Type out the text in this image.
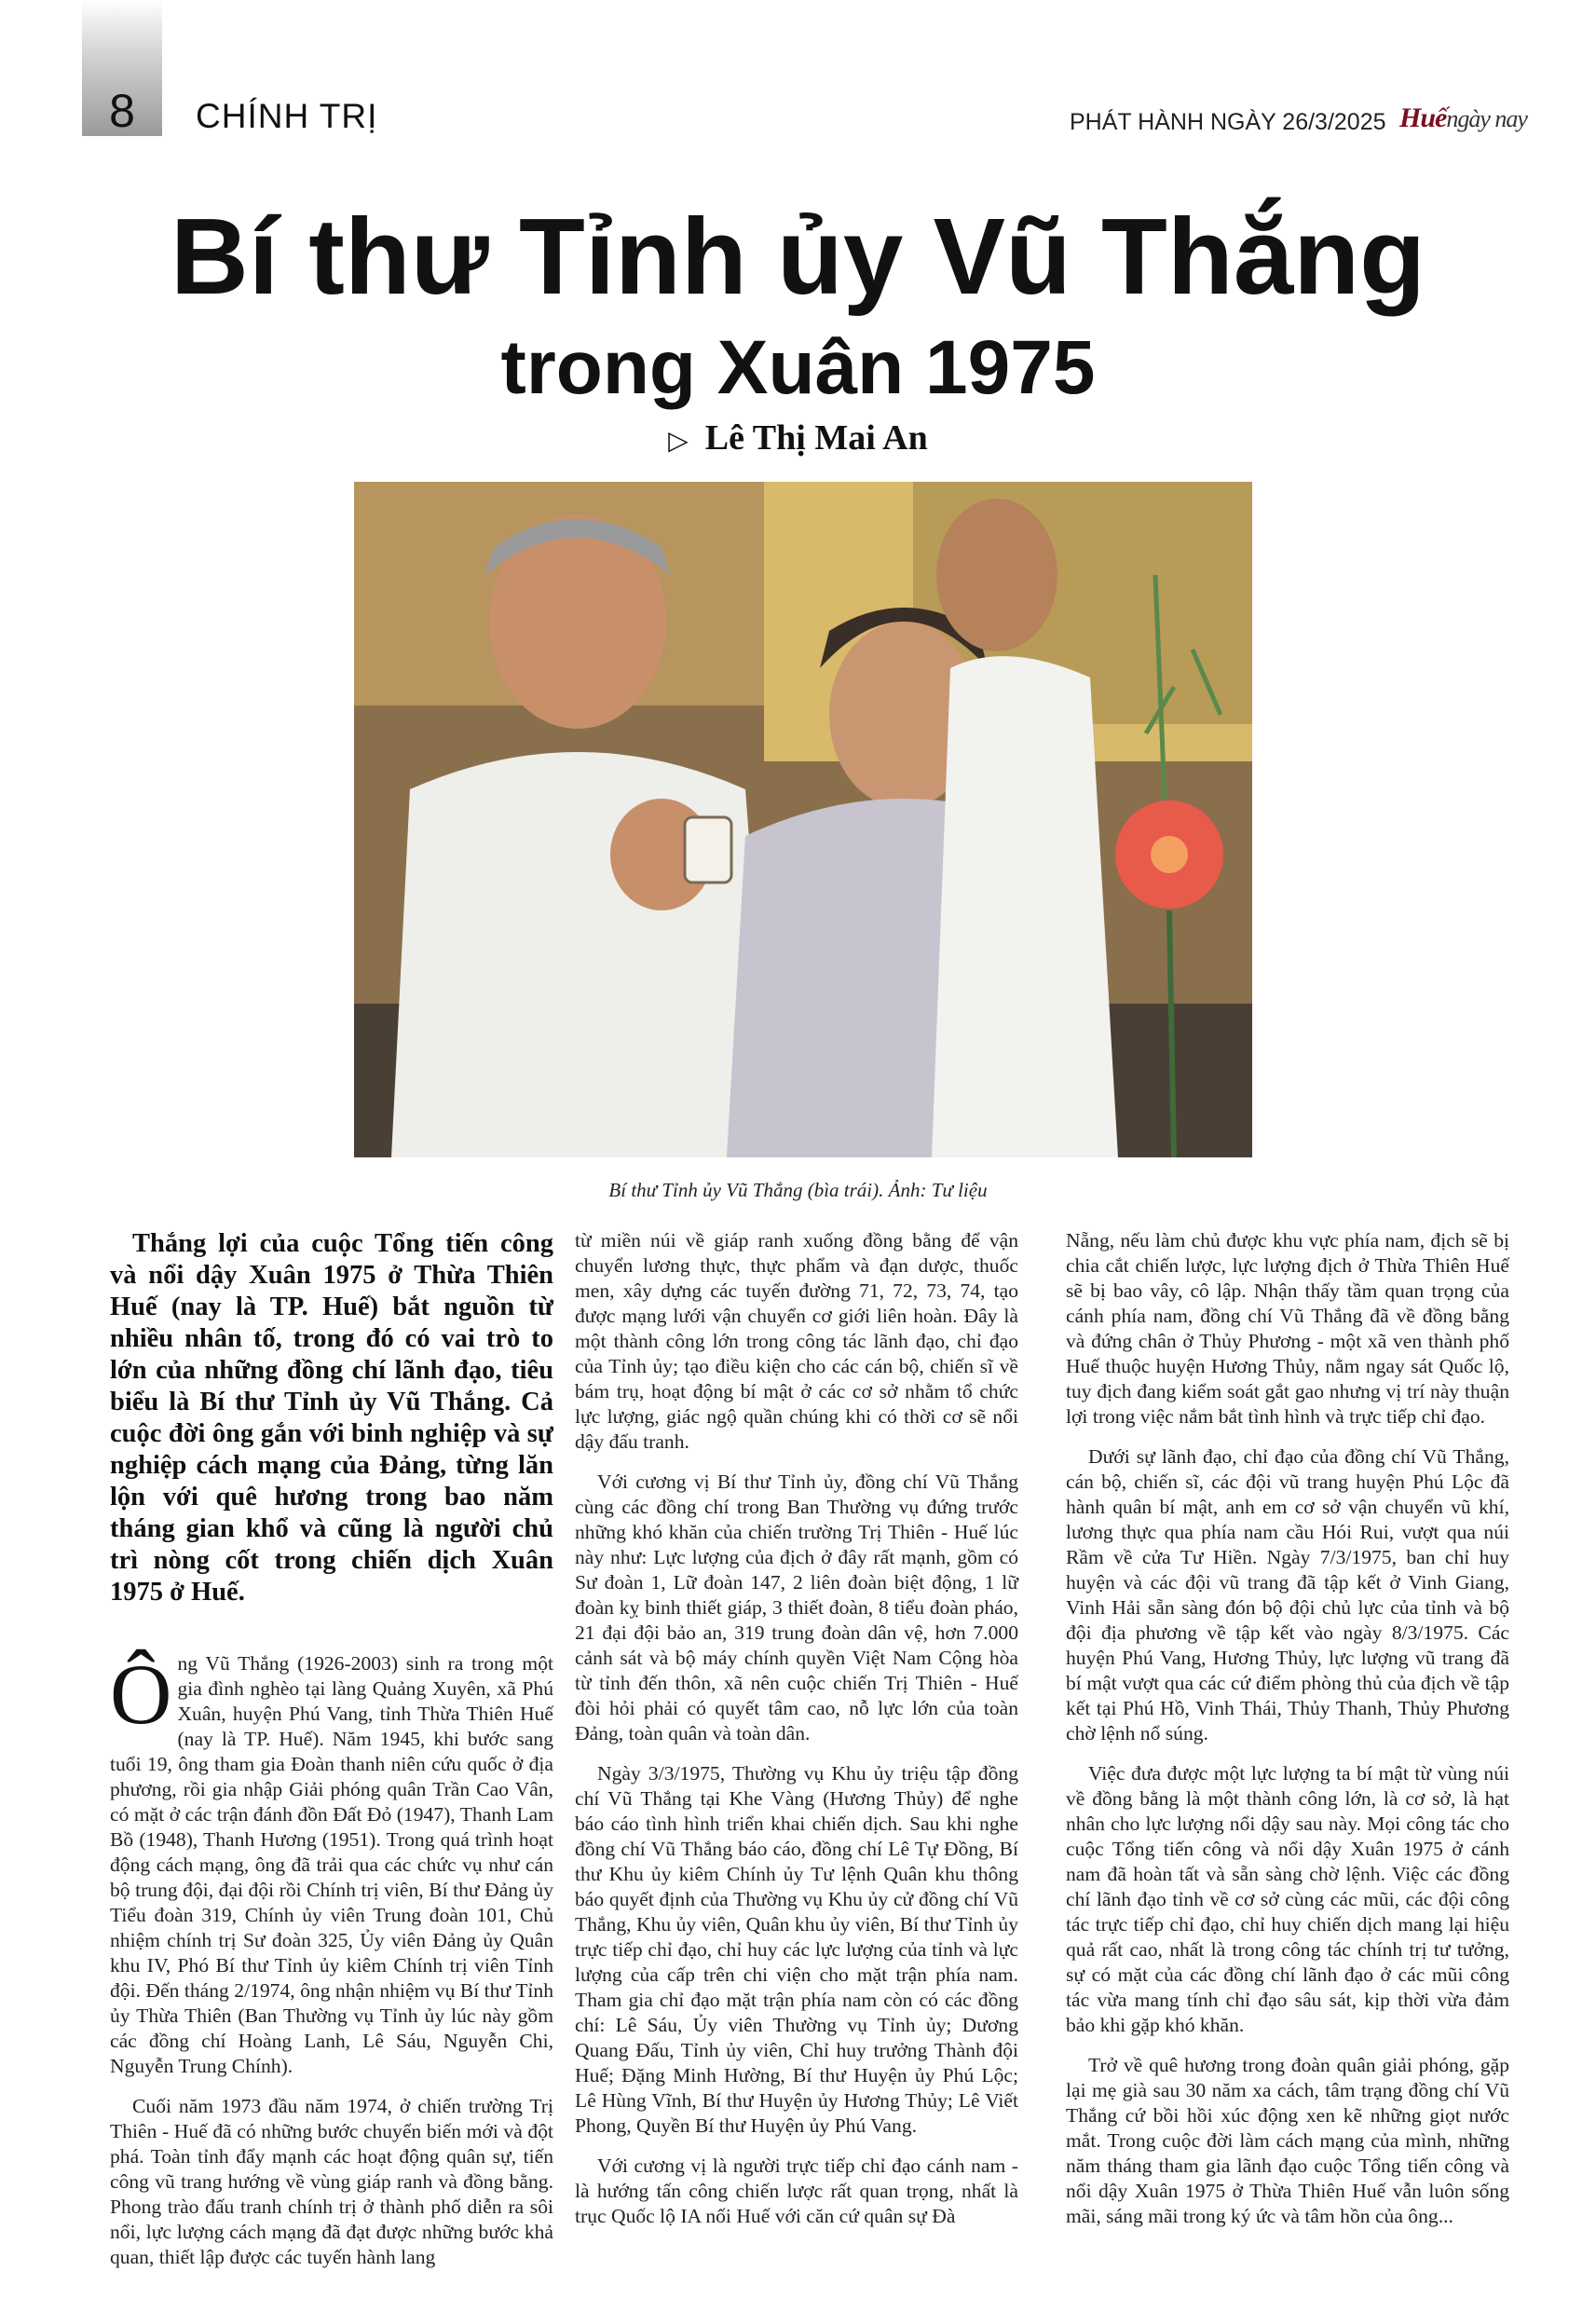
8	CHÍNH TRỊ	PHÁT HÀNH NGÀY 26/3/2025 Huếngày nay
Bí thư Tỉnh ủy Vũ Thắng
trong Xuân 1975
▷ Lê Thị Mai An
Bí thư Tỉnh ủy Vũ Thắng (bìa trái). Ảnh: Tư liệu

Thắng lợi của cuộc Tổng tiến công và nổi dậy Xuân 1975 ở Thừa Thiên Huế (nay là TP. Huế) bắt nguồn từ nhiều nhân tố, trong đó có vai trò to lớn của những đồng chí lãnh đạo, tiêu biểu là Bí thư Tỉnh ủy Vũ Thắng. Cả cuộc đời ông gắn với binh nghiệp và sự nghiệp cách mạng của Đảng, từng lăn lộn với quê hương trong bao năm tháng gian khổ và cũng là người chủ trì nòng cốt trong chiến dịch Xuân 1975 ở Huế.

Ông Vũ Thắng (1926-2003) sinh ra trong một gia đình nghèo tại làng Quảng Xuyên, xã Phú Xuân, huyện Phú Vang, tỉnh Thừa Thiên Huế (nay là TP. Huế). Năm 1945, khi bước sang tuổi 19, ông tham gia Đoàn thanh niên cứu quốc ở địa phương, rồi gia nhập Giải phóng quân Trần Cao Vân, có mặt ở các trận đánh đồn Đất Đỏ (1947), Thanh Lam Bồ (1948), Thanh Hương (1951). Trong quá trình hoạt động cách mạng, ông đã trải qua các chức vụ như cán bộ trung đội, đại đội rồi Chính trị viên, Bí thư Đảng ủy Tiểu đoàn 319, Chính ủy viên Trung đoàn 101, Chủ nhiệm chính trị Sư đoàn 325, Ủy viên Đảng ủy Quân khu IV, Phó Bí thư Tỉnh ủy kiêm Chính trị viên Tỉnh đội. Đến tháng 2/1974, ông nhận nhiệm vụ Bí thư Tỉnh ủy Thừa Thiên (Ban Thường vụ Tỉnh ủy lúc này gồm các đồng chí Hoàng Lanh, Lê Sáu, Nguyễn Chi, Nguyễn Trung Chính).

Cuối năm 1973 đầu năm 1974, ở chiến trường Trị Thiên - Huế đã có những bước chuyển biến mới và đột phá. Toàn tỉnh đẩy mạnh các hoạt động quân sự, tiến công vũ trang hướng về vùng giáp ranh và đồng bằng. Phong trào đấu tranh chính trị ở thành phố diễn ra sôi nổi, lực lượng cách mạng đã đạt được những bước khả quan, thiết lập được các tuyến hành lang

từ miền núi về giáp ranh xuống đồng bằng để vận chuyển lương thực, thực phẩm và đạn dược, thuốc men, xây dựng các tuyến đường 71, 72, 73, 74, tạo được mạng lưới vận chuyển cơ giới liên hoàn. Đây là một thành công lớn trong công tác lãnh đạo, chỉ đạo của Tỉnh ủy; tạo điều kiện cho các cán bộ, chiến sĩ về bám trụ, hoạt động bí mật ở các cơ sở nhằm tổ chức lực lượng, giác ngộ quần chúng khi có thời cơ sẽ nổi dậy đấu tranh.

Với cương vị Bí thư Tỉnh ủy, đồng chí Vũ Thắng cùng các đồng chí trong Ban Thường vụ đứng trước những khó khăn của chiến trường Trị Thiên - Huế lúc này như: Lực lượng của địch ở đây rất mạnh, gồm có Sư đoàn 1, Lữ đoàn 147, 2 liên đoàn biệt động, 1 lữ đoàn kỵ binh thiết giáp, 3 thiết đoàn, 8 tiểu đoàn pháo, 21 đại đội bảo an, 319 trung đoàn dân vệ, hơn 7.000 cảnh sát và bộ máy chính quyền Việt Nam Cộng hòa từ tỉnh đến thôn, xã nên cuộc chiến Trị Thiên - Huế đòi hỏi phải có quyết tâm cao, nỗ lực lớn của toàn Đảng, toàn quân và toàn dân.

Ngày 3/3/1975, Thường vụ Khu ủy triệu tập đồng chí Vũ Thắng tại Khe Vàng (Hương Thủy) để nghe báo cáo tình hình triển khai chiến dịch. Sau khi nghe đồng chí Vũ Thắng báo cáo, đồng chí Lê Tự Đồng, Bí thư Khu ủy kiêm Chính ủy Tư lệnh Quân khu thông báo quyết định của Thường vụ Khu ủy cử đồng chí Vũ Thắng, Khu ủy viên, Quân khu ủy viên, Bí thư Tỉnh ủy trực tiếp chỉ đạo, chỉ huy các lực lượng của tỉnh và lực lượng của cấp trên chi viện cho mặt trận phía nam. Tham gia chỉ đạo mặt trận phía nam còn có các đồng chí: Lê Sáu, Ủy viên Thường vụ Tỉnh ủy; Dương Quang Đấu, Tỉnh ủy viên, Chỉ huy trưởng Thành đội Huế; Đặng Minh Hường, Bí thư Huyện ủy Phú Lộc; Lê Hùng Vĩnh, Bí thư Huyện ủy Hương Thủy; Lê Viết Phong, Quyền Bí thư Huyện ủy Phú Vang.

Với cương vị là người trực tiếp chỉ đạo cánh nam - là hướng tấn công chiến lược rất quan trọng, nhất là trục Quốc lộ IA nối Huế với căn cứ quân sự Đà

Nẵng, nếu làm chủ được khu vực phía nam, địch sẽ bị chia cắt chiến lược, lực lượng địch ở Thừa Thiên Huế sẽ bị bao vây, cô lập. Nhận thấy tầm quan trọng của cánh phía nam, đồng chí Vũ Thắng đã về đồng bằng và đứng chân ở Thủy Phương - một xã ven thành phố Huế thuộc huyện Hương Thủy, nằm ngay sát Quốc lộ, tuy địch đang kiểm soát gắt gao nhưng vị trí này thuận lợi trong việc nắm bắt tình hình và trực tiếp chỉ đạo.

Dưới sự lãnh đạo, chỉ đạo của đồng chí Vũ Thắng, cán bộ, chiến sĩ, các đội vũ trang huyện Phú Lộc đã hành quân bí mật, anh em cơ sở vận chuyển vũ khí, lương thực qua phía nam cầu Hói Rui, vượt qua núi Rầm về cửa Tư Hiền. Ngày 7/3/1975, ban chỉ huy huyện và các đội vũ trang đã tập kết ở Vinh Giang, Vinh Hải sẵn sàng đón bộ đội chủ lực của tỉnh và bộ đội địa phương về tập kết vào ngày 8/3/1975. Các huyện Phú Vang, Hương Thủy, lực lượng vũ trang đã bí mật vượt qua các cứ điểm phòng thủ của địch về tập kết tại Phú Hồ, Vinh Thái, Thủy Thanh, Thủy Phương chờ lệnh nổ súng.

Việc đưa được một lực lượng ta bí mật từ vùng núi về đồng bằng là một thành công lớn, là cơ sở, là hạt nhân cho lực lượng nổi dậy sau này. Mọi công tác cho cuộc Tổng tiến công và nổi dậy Xuân 1975 ở cánh nam đã hoàn tất và sẵn sàng chờ lệnh. Việc các đồng chí lãnh đạo tỉnh về cơ sở cùng các mũi, các đội công tác trực tiếp chỉ đạo, chỉ huy chiến dịch mang lại hiệu quả rất cao, nhất là trong công tác chính trị tư tưởng, sự có mặt của các đồng chí lãnh đạo ở các mũi công tác vừa mang tính chỉ đạo sâu sát, kịp thời vừa đảm bảo khi gặp khó khăn.

Trở về quê hương trong đoàn quân giải phóng, gặp lại mẹ già sau 30 năm xa cách, tâm trạng đồng chí Vũ Thắng cứ bồi hồi xúc động xen kẽ những giọt nước mắt. Trong cuộc đời làm cách mạng của mình, những năm tháng tham gia lãnh đạo cuộc Tổng tiến công và nổi dậy Xuân 1975 ở Thừa Thiên Huế vẫn luôn sống mãi, sáng mãi trong ký ức và tâm hồn của ông...
